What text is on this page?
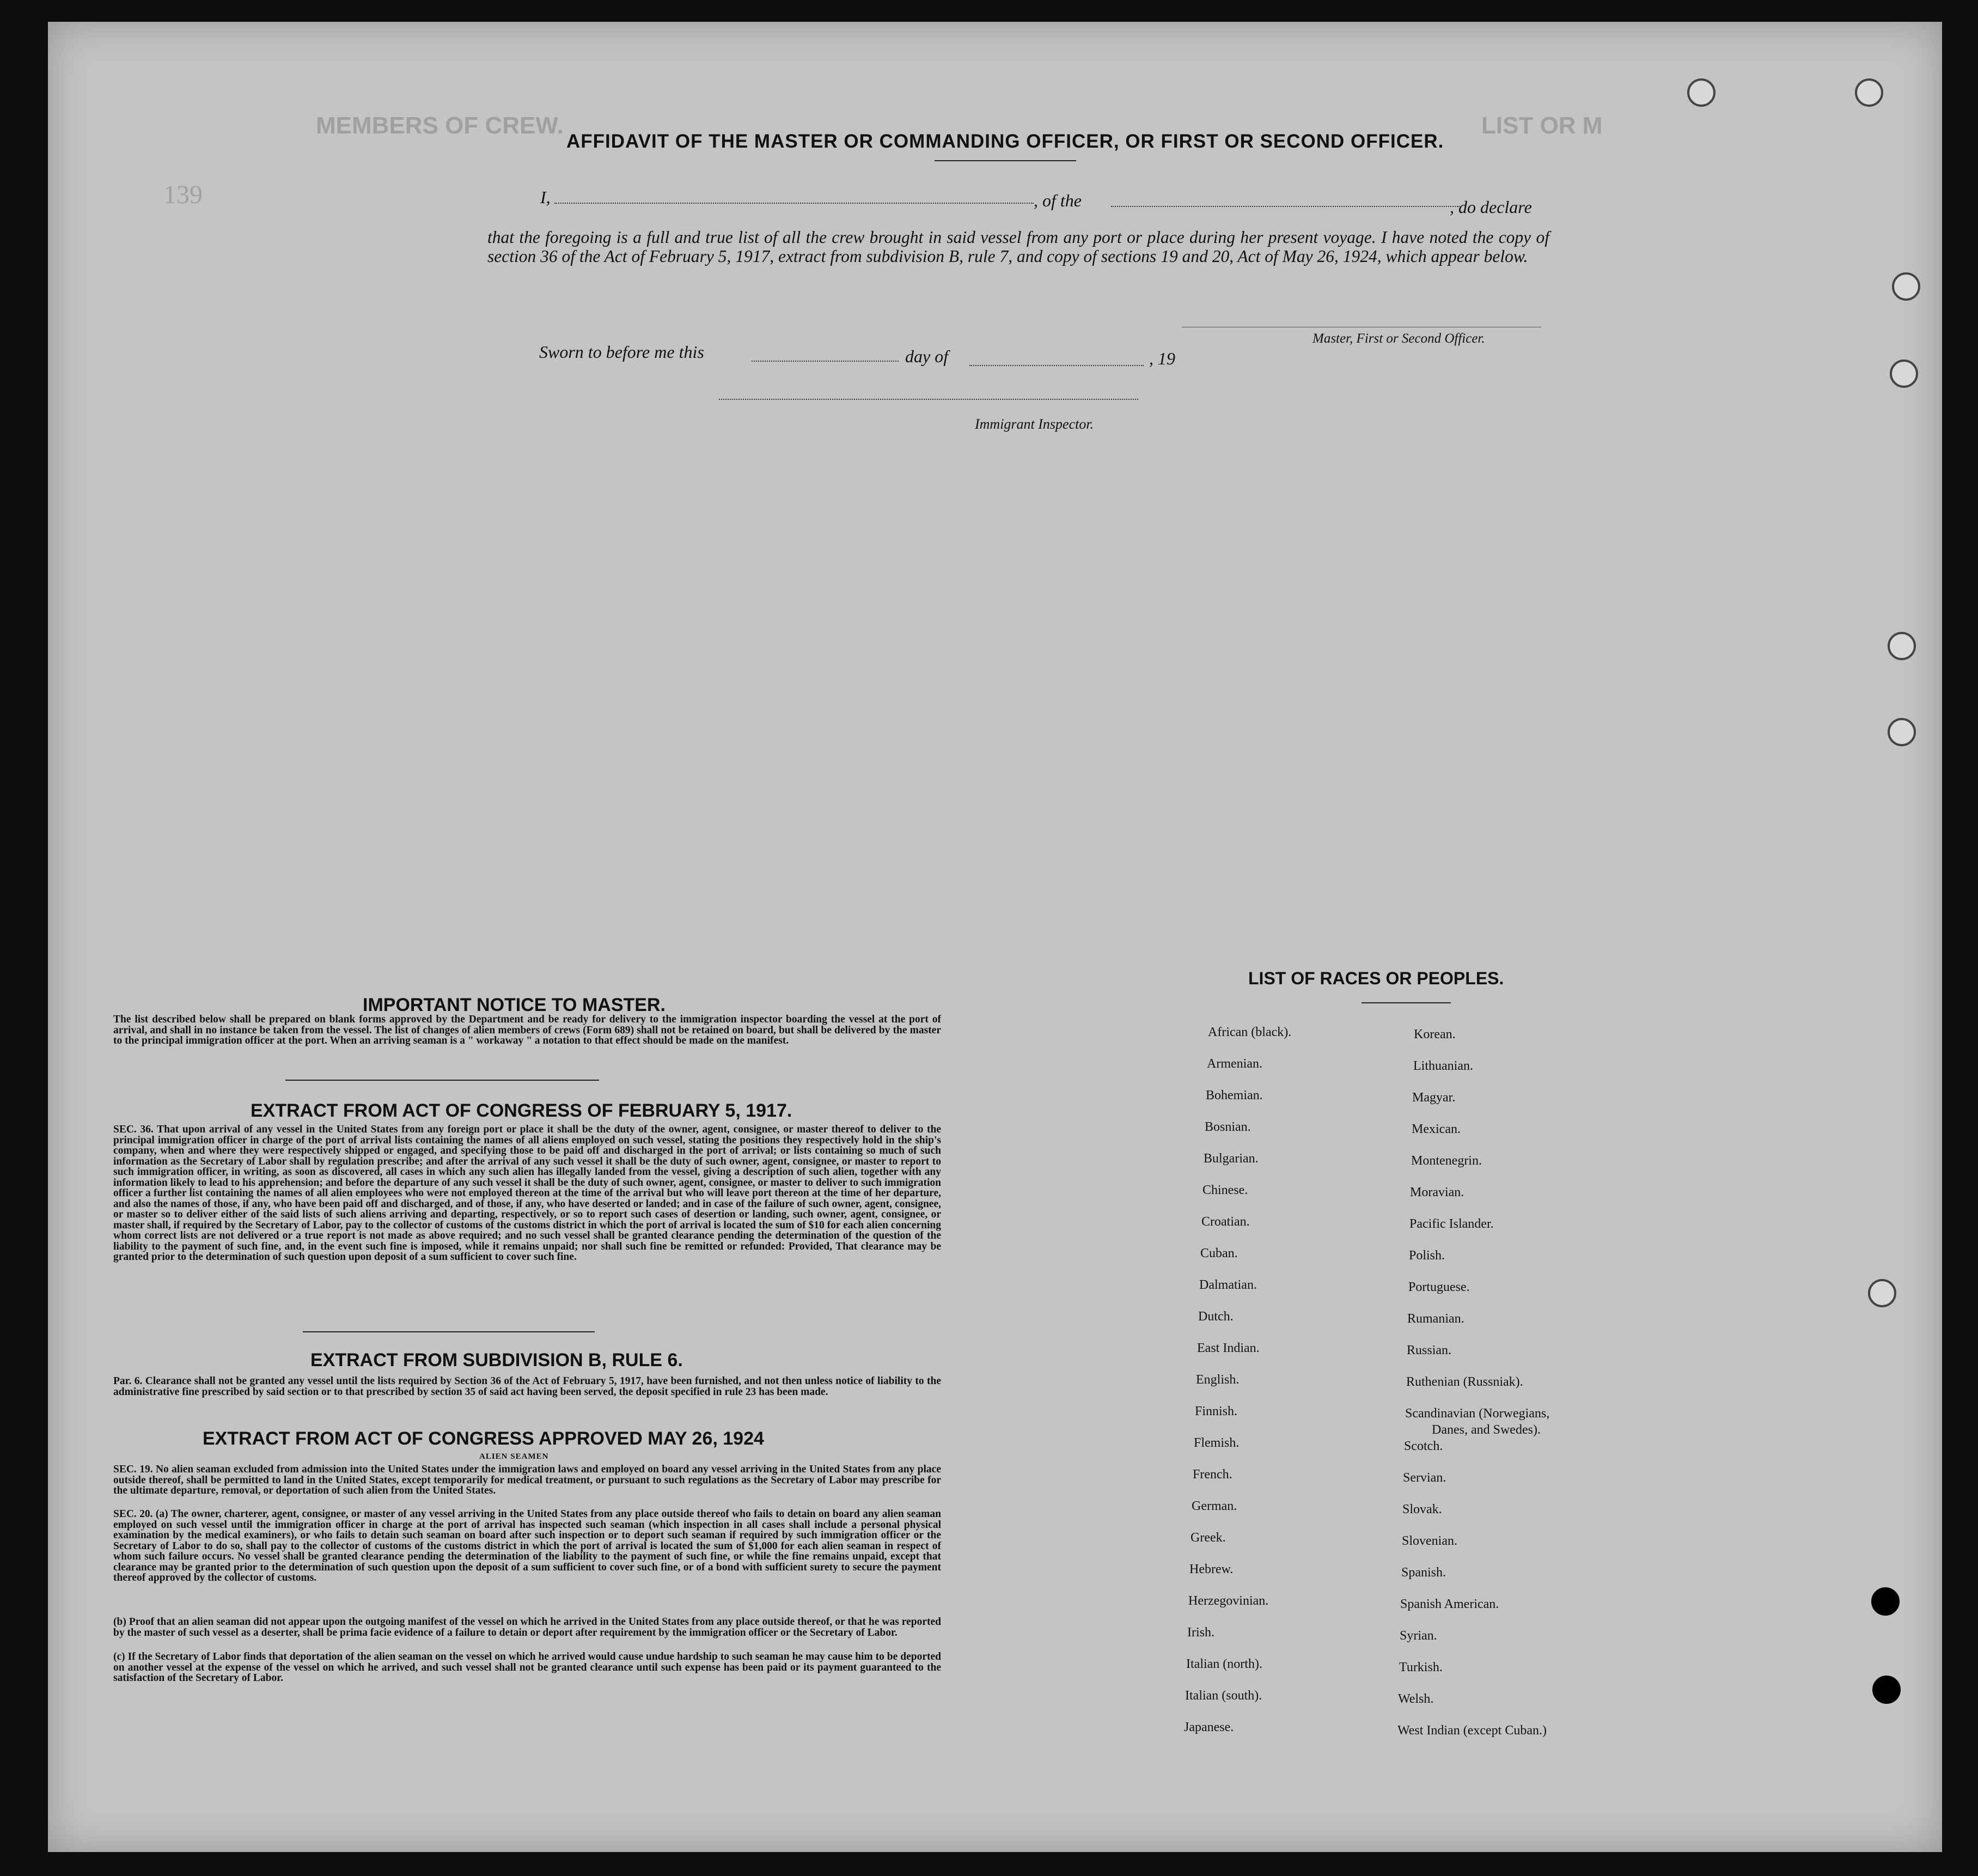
LIST OR M
MEMBERS OF CREW.
139
AFFIDAVIT OF THE MASTER OR COMMANDING OFFICER, OR FIRST OR SECOND OFFICER.
I,	, of the	, do declare
that the foregoing is a full and true list of all the crew brought in said vessel from any port or place during her present voyage. I have noted the copy of section 36 of the Act of February 5, 1917, extract from subdivision B, rule 7, and copy of sections 19 and 20, Act of May 26, 1924, which appear below.
Master, First or Second Officer.
Sworn to before me this	day of	, 19
Immigrant Inspector.
IMPORTANT NOTICE TO MASTER.
The list described below shall be prepared on blank forms approved by the Department and be ready for delivery to the immigration inspector boarding the vessel at the port of arrival, and shall in no instance be taken from the vessel. The list of changes of alien members of crews (Form 689) shall not be retained on board, but shall be delivered by the master to the principal immigration officer at the port. When an arriving seaman is a " workaway " a notation to that effect should be made on the manifest.
EXTRACT FROM ACT OF CONGRESS OF FEBRUARY 5, 1917.
SEC. 36. That upon arrival of any vessel in the United States from any foreign port or place it shall be the duty of the owner, agent, consignee, or master thereof to deliver to the principal immigration officer in charge of the port of arrival lists containing the names of all aliens employed on such vessel, stating the positions they respectively hold in the ship's company, when and where they were respectively shipped or engaged, and specifying those to be paid off and discharged in the port of arrival; or lists containing so much of such information as the Secretary of Labor shall by regulation prescribe; and after the arrival of any such vessel it shall be the duty of such owner, agent, consignee, or master to report to such immigration officer, in writing, as soon as discovered, all cases in which any such alien has illegally landed from the vessel, giving a description of such alien, together with any information likely to lead to his apprehension; and before the departure of any such vessel it shall be the duty of such owner, agent, consignee, or master to deliver to such immigration officer a further list containing the names of all alien employees who were not employed thereon at the time of the arrival but who will leave port thereon at the time of her departure, and also the names of those, if any, who have been paid off and discharged, and of those, if any, who have deserted or landed; and in case of the failure of such owner, agent, consignee, or master so to deliver either of the said lists of such aliens arriving and departing, respectively, or so to report such cases of desertion or landing, such owner, agent, consignee, or master shall, if required by the Secretary of Labor, pay to the collector of customs of the customs district in which the port of arrival is located the sum of $10 for each alien concerning whom correct lists are not delivered or a true report is not made as above required; and no such vessel shall be granted clearance pending the determination of the question of the liability to the payment of such fine, and, in the event such fine is imposed, while it remains unpaid; nor shall such fine be remitted or refunded: Provided, That clearance may be granted prior to the determination of such question upon deposit of a sum sufficient to cover such fine.
EXTRACT FROM SUBDIVISION B, RULE 6.
Par. 6. Clearance shall not be granted any vessel until the lists required by Section 36 of the Act of February 5, 1917, have been furnished, and not then unless notice of liability to the administrative fine prescribed by said section or to that prescribed by section 35 of said act having been served, the deposit specified in rule 23 has been made.
EXTRACT FROM ACT OF CONGRESS APPROVED MAY 26, 1924
ALIEN SEAMEN
SEC. 19. No alien seaman excluded from admission into the United States under the immigration laws and employed on board any vessel arriving in the United States from any place outside thereof, shall be permitted to land in the United States, except temporarily for medical treatment, or pursuant to such regulations as the Secretary of Labor may prescribe for the ultimate departure, removal, or deportation of such alien from the United States.
SEC. 20. (a) The owner, charterer, agent, consignee, or master of any vessel arriving in the United States from any place outside thereof who fails to detain on board any alien seaman employed on such vessel until the immigration officer in charge at the port of arrival has inspected such seaman (which inspection in all cases shall include a personal physical examination by the medical examiners), or who fails to detain such seaman on board after such inspection or to deport such seaman if required by such immigration officer or the Secretary of Labor to do so, shall pay to the collector of customs of the customs district in which the port of arrival is located the sum of $1,000 for each alien seaman in respect of whom such failure occurs. No vessel shall be granted clearance pending the determination of the liability to the payment of such fine, or while the fine remains unpaid, except that clearance may be granted prior to the determination of such question upon the deposit of a sum sufficient to cover such fine, or of a bond with sufficient surety to secure the payment thereof approved by the collector of customs.
(b) Proof that an alien seaman did not appear upon the outgoing manifest of the vessel on which he arrived in the United States from any place outside thereof, or that he was reported by the master of such vessel as a deserter, shall be prima facie evidence of a failure to detain or deport after requirement by the immigration officer or the Secretary of Labor.
(c) If the Secretary of Labor finds that deportation of the alien seaman on the vessel on which he arrived would cause undue hardship to such seaman he may cause him to be deported on another vessel at the expense of the vessel on which he arrived, and such vessel shall not be granted clearance until such expense has been paid or its payment guaranteed to the satisfaction of the Secretary of Labor.
LIST OF RACES OR PEOPLES.
African (black).
Armenian.
Bohemian.
Bosnian.
Bulgarian.
Chinese.
Croatian.
Cuban.
Dalmatian.
Dutch.
East Indian.
English.
Finnish.
Flemish.
French.
German.
Greek.
Hebrew.
Herzegovinian.
Irish.
Italian (north).
Italian (south).
Japanese.
Korean.
Lithuanian.
Magyar.
Mexican.
Montenegrin.
Moravian.
Pacific Islander.
Polish.
Portuguese.
Rumanian.
Russian.
Ruthenian (Russniak).
Scandinavian (Norwegians,
Danes, and Swedes).
Scotch.
Servian.
Slovak.
Slovenian.
Spanish.
Spanish American.
Syrian.
Turkish.
Welsh.
West Indian (except Cuban.)
